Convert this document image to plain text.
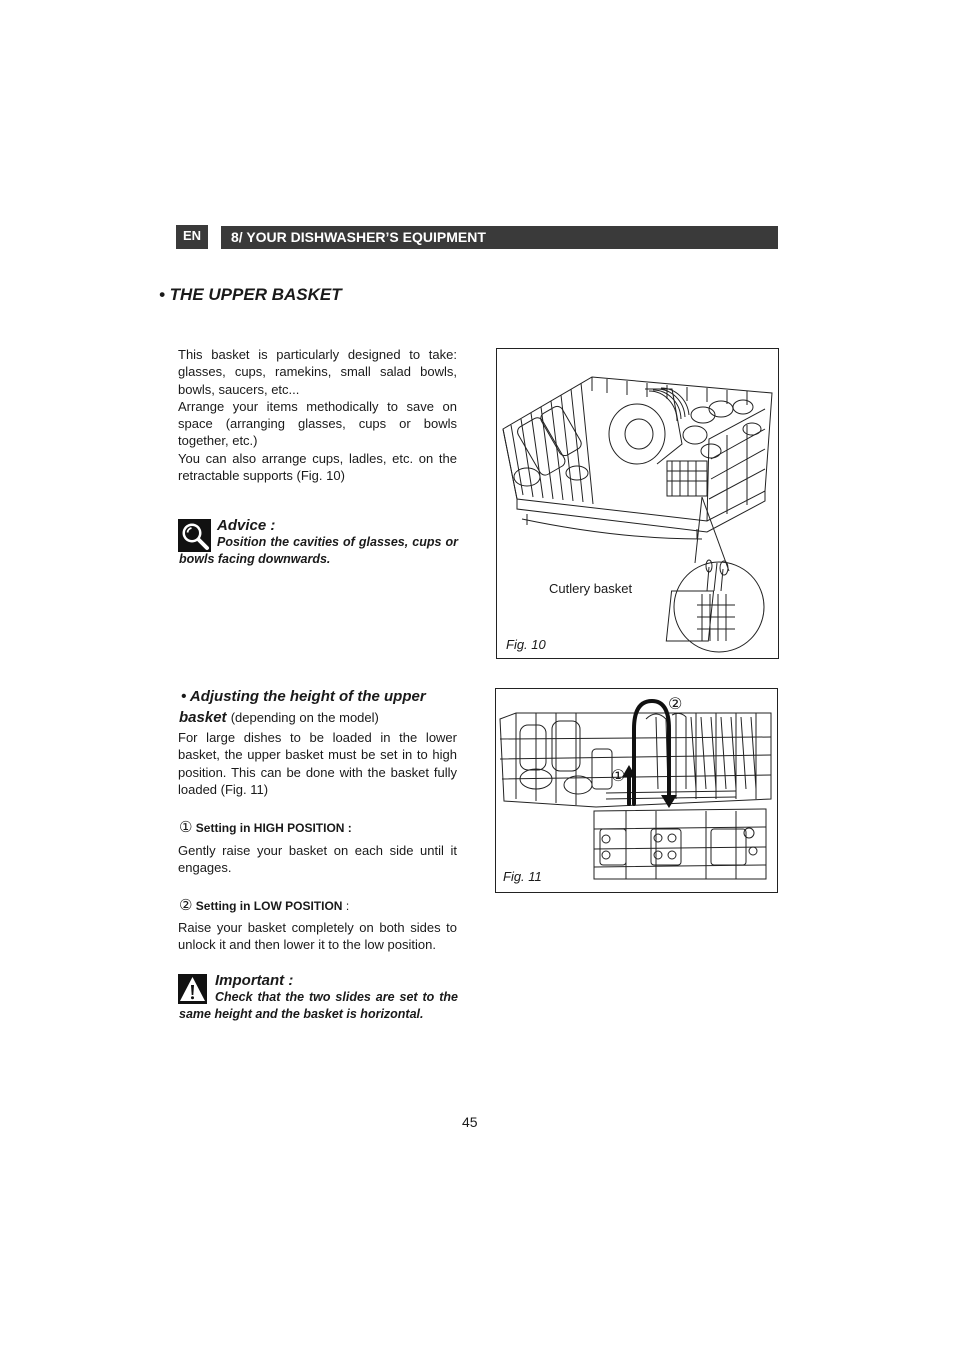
EN	8/ YOUR DISHWASHER’S EQUIPMENT
• THE UPPER BASKET

This basket is particularly designed to take: glasses, cups, ramekins, small salad bowls, bowls, saucers, etc...

Arrange your items methodically to save on space (arranging glasses, cups or bowls together, etc.)

You can also arrange cups, ladles, etc. on the retractable supports (Fig. 10)

Advice :
Position the cavities of glasses, cups or bowls facing downwards.
Cutlery basket
Fig. 10
• Adjusting the height of the upper
basket (depending on the model)
For large dishes to be loaded in the lower basket, the upper basket must be set in to high position. This can be done with the basket fully loaded (Fig. 11)
① Setting in HIGH POSITION :
Gently raise your basket on each side until it engages.
② Setting in LOW POSITION :
Raise your basket completely on both sides to unlock it and then lower it to the low position.
Important :
Check that the two slides are set to the same height and the basket is horizontal.
①
②
Fig. 11
45
